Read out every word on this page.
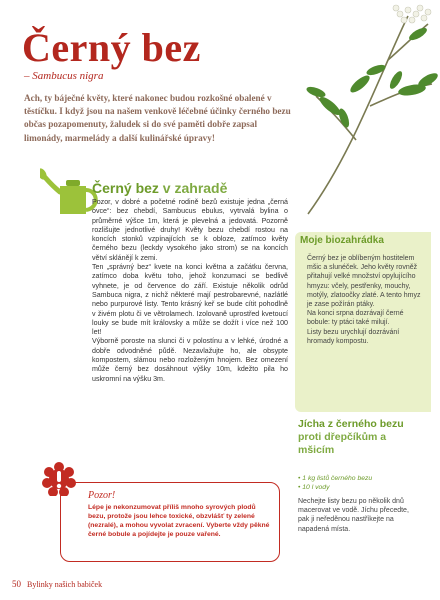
Černý bez
– Sambucus nigra

Ach, ty báječné květy, které nakonec budou rozkošné obalené v těstíčku. I když jsou na našem venkově léčebné účinky černého bezu občas pozapomenuty, žaludek si do své paměti dobře zapsal limonády, marmelády a další kulinářské úpravy!

Černý bez v zahradě

Pozor, v dobré a početné rodině bezů existuje jedna „černá ovce“: bez chebdí, Sambucus ebulus, vytrvalá bylina o průměrné výšce 1m, která je plevelná a jedovatá. Pozorně rozlišujte jednotlivé druhy! Květy bezu chebdí rostou na koncích stonků vzpínajících se k obloze, zatímco květy černého bezu (leckdy vysokého jako strom) se na koncích větví sklánějí k zemi.

Ten „správný bez“ kvete na konci května a začátku června, zatímco doba květu toho, jehož konzumaci se bedlivě vyhnete, je od července do září. Existuje několik odrůd Sambuca nigra, z nichž některé mají pestrobarevné, nazlátlé nebo purpurové listy. Tento krásný keř se bude cítit pohodlně v živém plotu či ve větrolamech. Izolovaně uprostřed kvetoucí louky se bude mít královsky a může se dožít i více než 100 let!

Výborně poroste na slunci či v polostínu a v lehké, úrodné a dobře odvodněné půdě. Nezavlažujte ho, ale obsypte kompostem, slámou nebo rozloženým hnojem. Bez omezení může černý bez dosáhnout výšky 10m, kdežto pila ho uskromní na výšku 3m.

Moje biozahrádka

Černý bez je oblíbeným hostitelem mšic a slunéček. Jeho květy rovněž přitahují velké množství opylujícího hmyzu: včely, pestřenky, mouchy, motýly, zlatoočky zlaté. A tento hmyz je zase požírán ptáky.

Na konci srpna dozrávají černé bobule: ty ptáci také milují.

Listy bezu urychlují dozrávání hromady kompostu.

Jícha z černého bezu proti dřepčíkům a mšicím
• 1 kg listů černého bezu
• 10 l vody

Nechejte listy bezu po několik dnů macerovat ve vodě. Jíchu přecedte, pak ji neředěnou nastříkejte na napadená místa.

Pozor!

Lépe je nekonzumovat příliš mnoho syrových plodů bezu, protože jsou lehce toxické, obzvlášť ty zelené (nezralé), a mohou vyvolat zvracení. Vyberte vždy pěkné černé bobule a pojídejte je pouze vařené.

50 Bylinky našich babiček
